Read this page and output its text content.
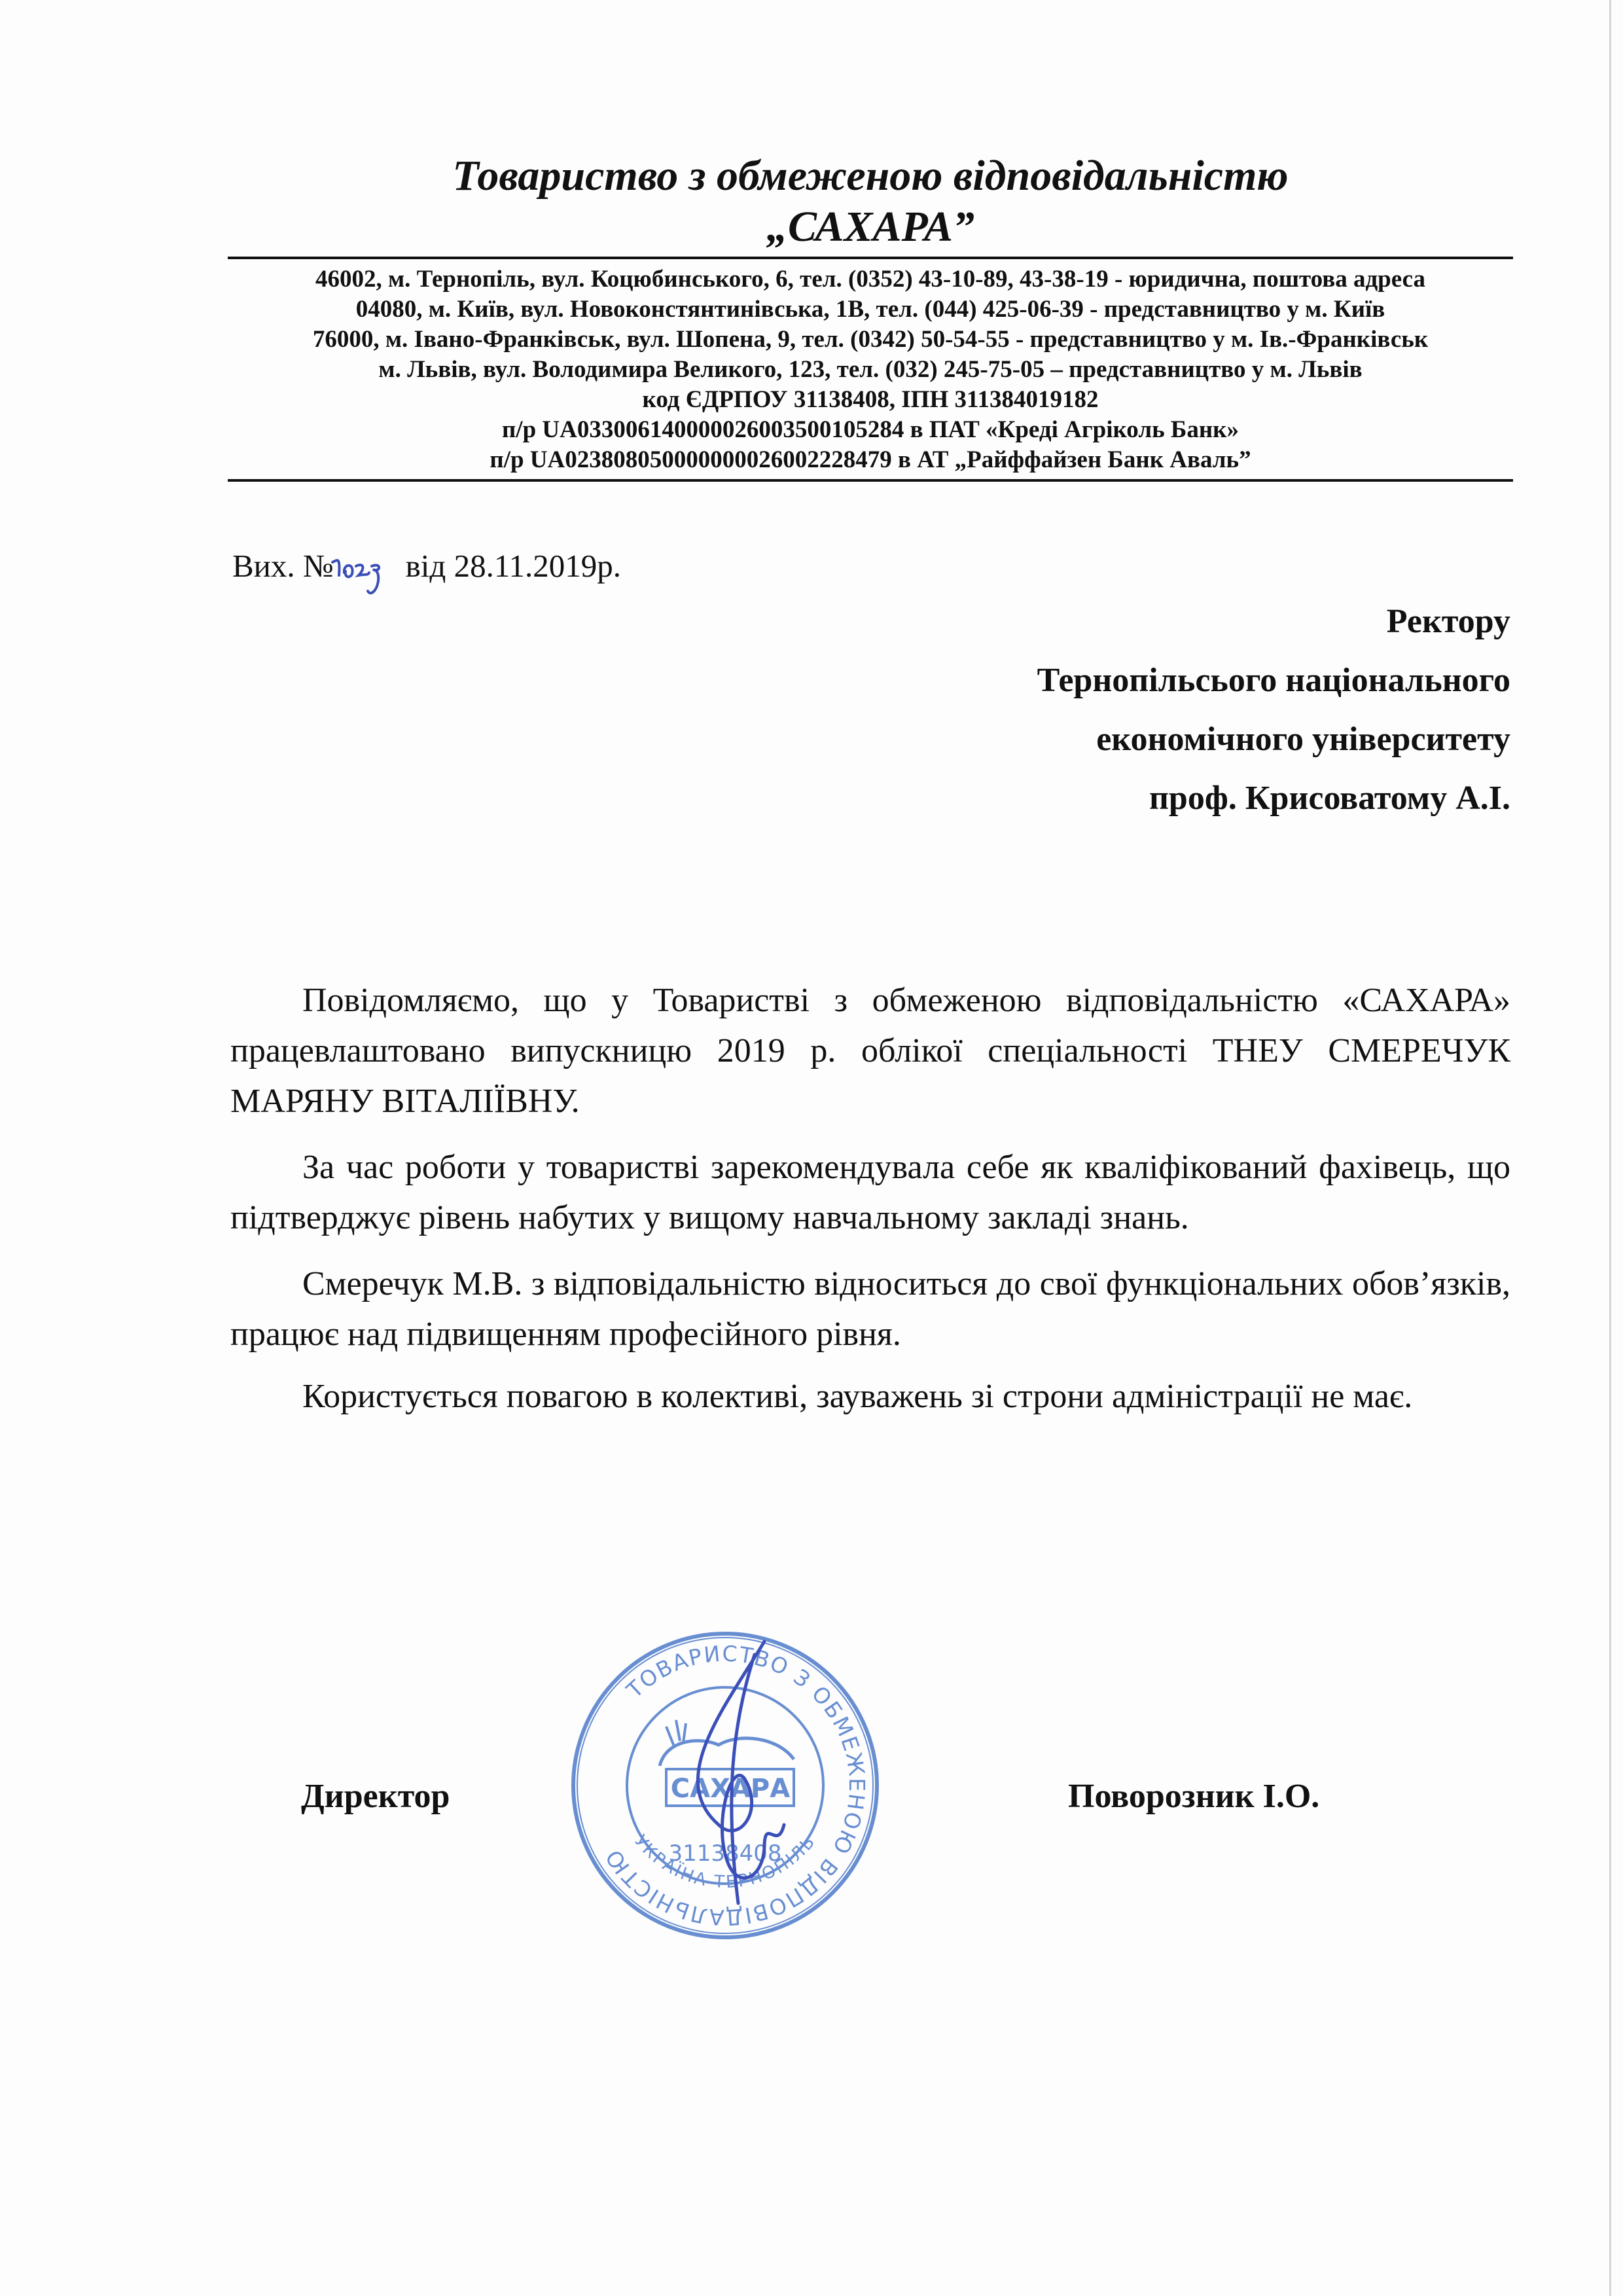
Товариство з обмеженою відповідальністю
„САХАРА”
46002, м. Тернопіль, вул. Коцюбинського, 6, тел. (0352) 43-10-89, 43-38-19 - юридична, поштова адреса
04080, м. Київ, вул. Новоконстянтинівська, 1В, тел. (044) 425-06-39 - представництво у м. Київ
76000, м. Івано-Франківськ, вул. Шопена, 9, тел. (0342) 50-54-55 - представництво у м. Ів.-Франківськ
м. Львів, вул. Володимира Великого, 123, тел. (032) 245-75-05 – представництво у м. Львів
код ЄДРПОУ 31138408, ІПН 311384019182
п/р UA033006140000026003500105284 в ПАТ «Креді Агріколь Банк»
п/р UA023808050000000026002228479 в АТ „Райффайзен Банк Аваль”
Вих. № від 28.11.2019р.
Ректору
Тернопільсього національного
економічного університету
проф. Крисоватому А.І.

Повідомляємо, що у Товаристві з обмеженою відповідальністю «САХАРА» працевлаштовано випускницю 2019 р. облікої спеціальності ТНЕУ СМЕРЕЧУК МАРЯНУ ВІТАЛІЇВНУ.

За час роботи у товаристві зарекомендувала себе як кваліфікований фахівець, що підтверджує рівень набутих у вищому навчальному закладі знань.

Смеречук М.В. з відповідальністю відноситься до свої функціональних обов’язків, працює над підвищенням професійного рівня.

Користується повагою в колективі, зауважень зі строни адміністрації не має.

Директор	Поворозник І.О.
ТОВАРИСТВО З ОБМЕЖЕНОЮ ВІДПОВІДАЛЬНІСТЮ
УКРАЇНА ТЕРНОПІЛЬ
САХАРА
31138408
